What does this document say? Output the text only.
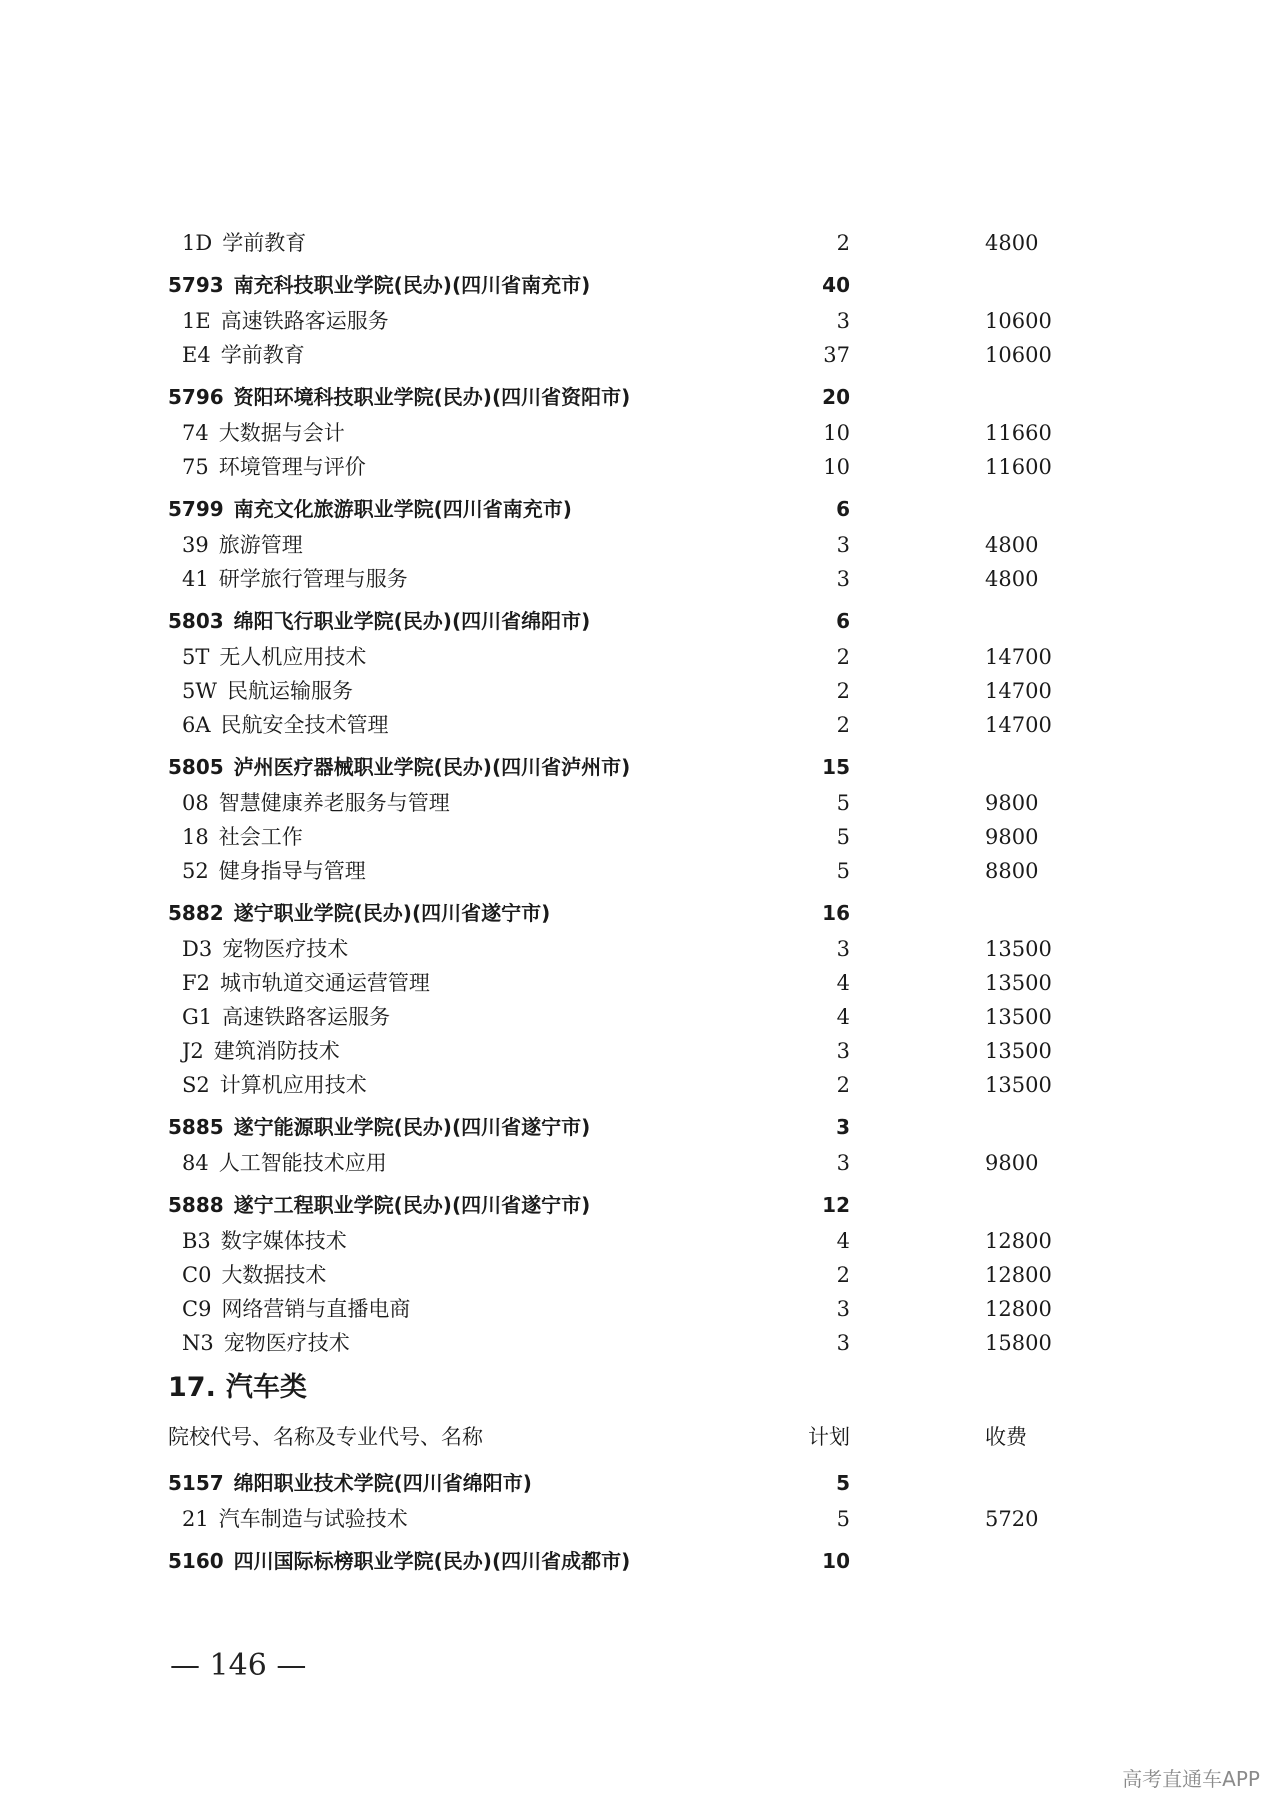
1D 学前教育	2	4800
5793 南充科技职业学院(民办)(四川省南充市)	40
1E 高速铁路客运服务	3	10600
E4 学前教育	37	10600
5796 资阳环境科技职业学院(民办)(四川省资阳市)	20
74 大数据与会计	10	11660
75 环境管理与评价	10	11600
5799 南充文化旅游职业学院(四川省南充市)	6
39 旅游管理	3	4800
41 研学旅行管理与服务	3	4800
5803 绵阳飞行职业学院(民办)(四川省绵阳市)	6
5T 无人机应用技术	2	14700
5W 民航运输服务	2	14700
6A 民航安全技术管理	2	14700
5805 泸州医疗器械职业学院(民办)(四川省泸州市)	15
08 智慧健康养老服务与管理	5	9800
18 社会工作	5	9800
52 健身指导与管理	5	8800
5882 遂宁职业学院(民办)(四川省遂宁市)	16
D3 宠物医疗技术	3	13500
F2 城市轨道交通运营管理	4	13500
G1 高速铁路客运服务	4	13500
J2 建筑消防技术	3	13500
S2 计算机应用技术	2	13500
5885 遂宁能源职业学院(民办)(四川省遂宁市)	3
84 人工智能技术应用	3	9800
5888 遂宁工程职业学院(民办)(四川省遂宁市)	12
B3 数字媒体技术	4	12800
C0 大数据技术	2	12800
C9 网络营销与直播电商	3	12800
N3 宠物医疗技术	3	15800
17. 汽车类
院校代号、名称及专业代号、名称	计划	收费
5157 绵阳职业技术学院(四川省绵阳市)	5
21 汽车制造与试验技术	5	5720
5160 四川国际标榜职业学院(民办)(四川省成都市)	10
— 146 —
高考直通车APP
